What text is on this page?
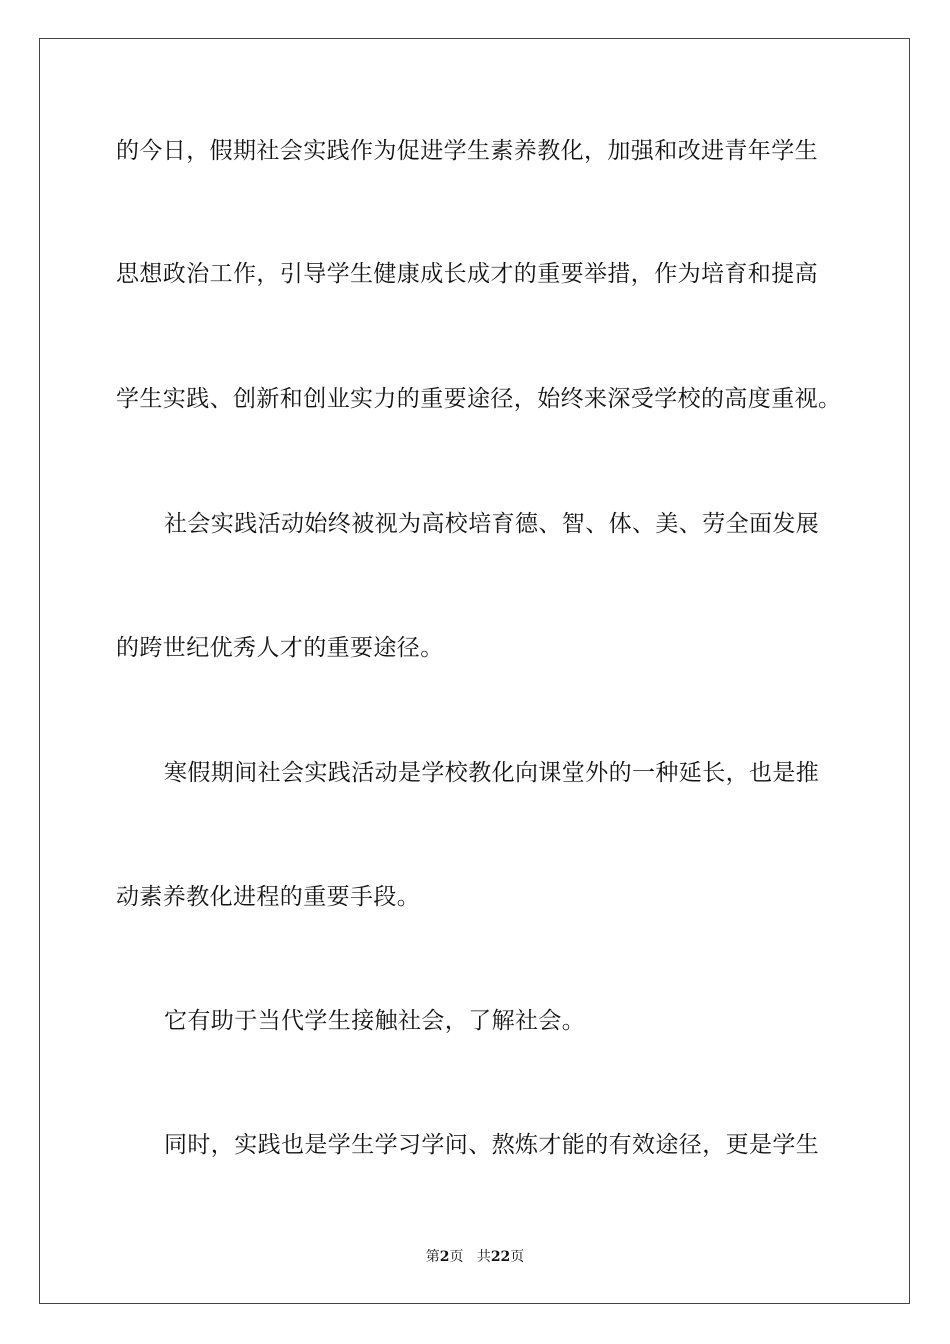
的今日，假期社会实践作为促进学生素养教化，加强和改进青年学生
思想政治工作，引导学生健康成长成才的重要举措，作为培育和提高
学生实践、创新和创业实力的重要途径，始终来深受学校的高度重视。
社会实践活动始终被视为高校培育德、智、体、美、劳全面发展
的跨世纪优秀人才的重要途径。
寒假期间社会实践活动是学校教化向课堂外的一种延长，也是推
动素养教化进程的重要手段。
它有助于当代学生接触社会，了解社会。
同时，实践也是学生学习学问、熬炼才能的有效途径，更是学生
第2页 共22页
